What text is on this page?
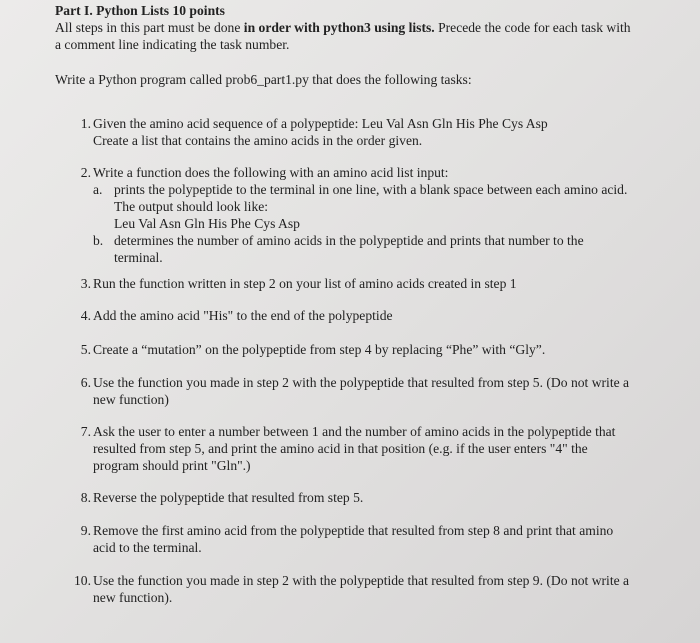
Part I. Python Lists 10 points
All steps in this part must be done in order with python3 using lists. Precede the code for each task with
a comment line indicating the task number.
Write a Python program called prob6_part1.py that does the following tasks:
1. Given the amino acid sequence of a polypeptide: Leu Val Asn Gln His Phe Cys Asp
Create a list that contains the amino acids in the order given.
2. Write a function does the following with an amino acid list input:
a. prints the polypeptide to the terminal in one line, with a blank space between each amino acid.
The output should look like:
Leu Val Asn Gln His Phe Cys Asp
b. determines the number of amino acids in the polypeptide and prints that number to the
terminal.
3. Run the function written in step 2 on your list of amino acids created in step 1
4. Add the amino acid "His" to the end of the polypeptide
5. Create a “mutation” on the polypeptide from step 4 by replacing “Phe” with “Gly”.
6. Use the function you made in step 2 with the polypeptide that resulted from step 5. (Do not write a
new function)
7. Ask the user to enter a number between 1 and the number of amino acids in the polypeptide that
resulted from step 5, and print the amino acid in that position (e.g. if the user enters "4" the
program should print "Gln".)
8. Reverse the polypeptide that resulted from step 5.
9. Remove the first amino acid from the polypeptide that resulted from step 8 and print that amino
acid to the terminal.
10. Use the function you made in step 2 with the polypeptide that resulted from step 9. (Do not write a
new function).
